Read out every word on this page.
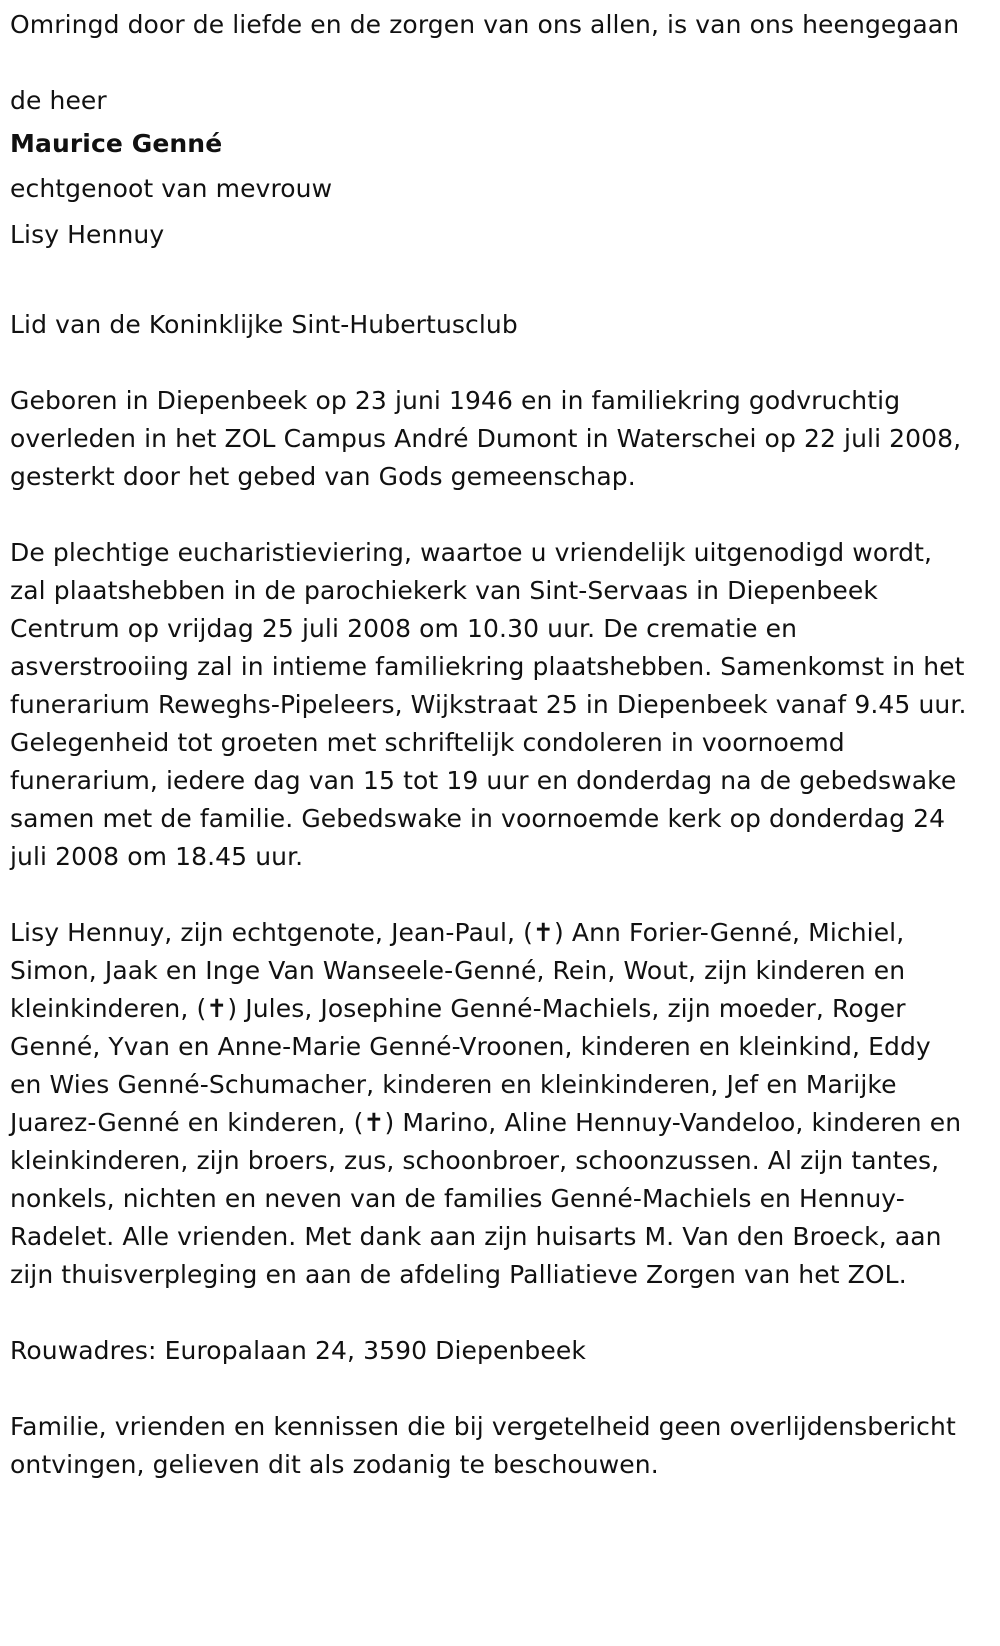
Omringd door de liefde en de zorgen van ons allen, is van ons heengegaan

de heer

Maurice Genné

echtgenoot van mevrouw

Lisy Hennuy

Lid van de Koninklijke Sint-Hubertusclub

Geboren in Diepenbeek op 23 juni 1946 en in familiekring godvruchtig overleden in het ZOL Campus André Dumont in Waterschei op 22 juli 2008, gesterkt door het gebed van Gods gemeenschap.

De plechtige eucharistieviering, waartoe u vriendelijk uitgenodigd wordt, zal plaatshebben in de parochiekerk van Sint-Servaas in Diepenbeek Centrum op vrijdag 25 juli 2008 om 10.30 uur. De crematie en asverstrooiing zal in intieme familiekring plaatshebben. Samenkomst in het funerarium Reweghs-Pipeleers, Wijkstraat 25 in Diepenbeek vanaf 9.45 uur. Gelegenheid tot groeten met schriftelijk condoleren in voornoemd funerarium, iedere dag van 15 tot 19 uur en donderdag na de gebedswake samen met de familie. Gebedswake in voornoemde kerk op donderdag 24 juli 2008 om 18.45 uur.

Lisy Hennuy, zijn echtgenote, Jean-Paul, (✝) Ann Forier-Genné, Michiel, Simon, Jaak en Inge Van Wanseele-Genné, Rein, Wout, zijn kinderen en kleinkinderen, (✝) Jules, Josephine Genné-Machiels, zijn moeder, Roger Genné, Yvan en Anne-Marie Genné-Vroonen, kinderen en kleinkind, Eddy en Wies Genné-Schumacher, kinderen en kleinkinderen, Jef en Marijke Juarez-Genné en kinderen, (✝) Marino, Aline Hennuy-Vandeloo, kinderen en kleinkinderen, zijn broers, zus, schoonbroer, schoonzussen. Al zijn tantes, nonkels, nichten en neven van de families Genné-Machiels en Hennuy-Radelet. Alle vrienden. Met dank aan zijn huisarts M. Van den Broeck, aan zijn thuisverpleging en aan de afdeling Palliatieve Zorgen van het ZOL.

Rouwadres: Europalaan 24, 3590 Diepenbeek

Familie, vrienden en kennissen die bij vergetelheid geen overlijdensbericht ontvingen, gelieven dit als zodanig te beschouwen.
